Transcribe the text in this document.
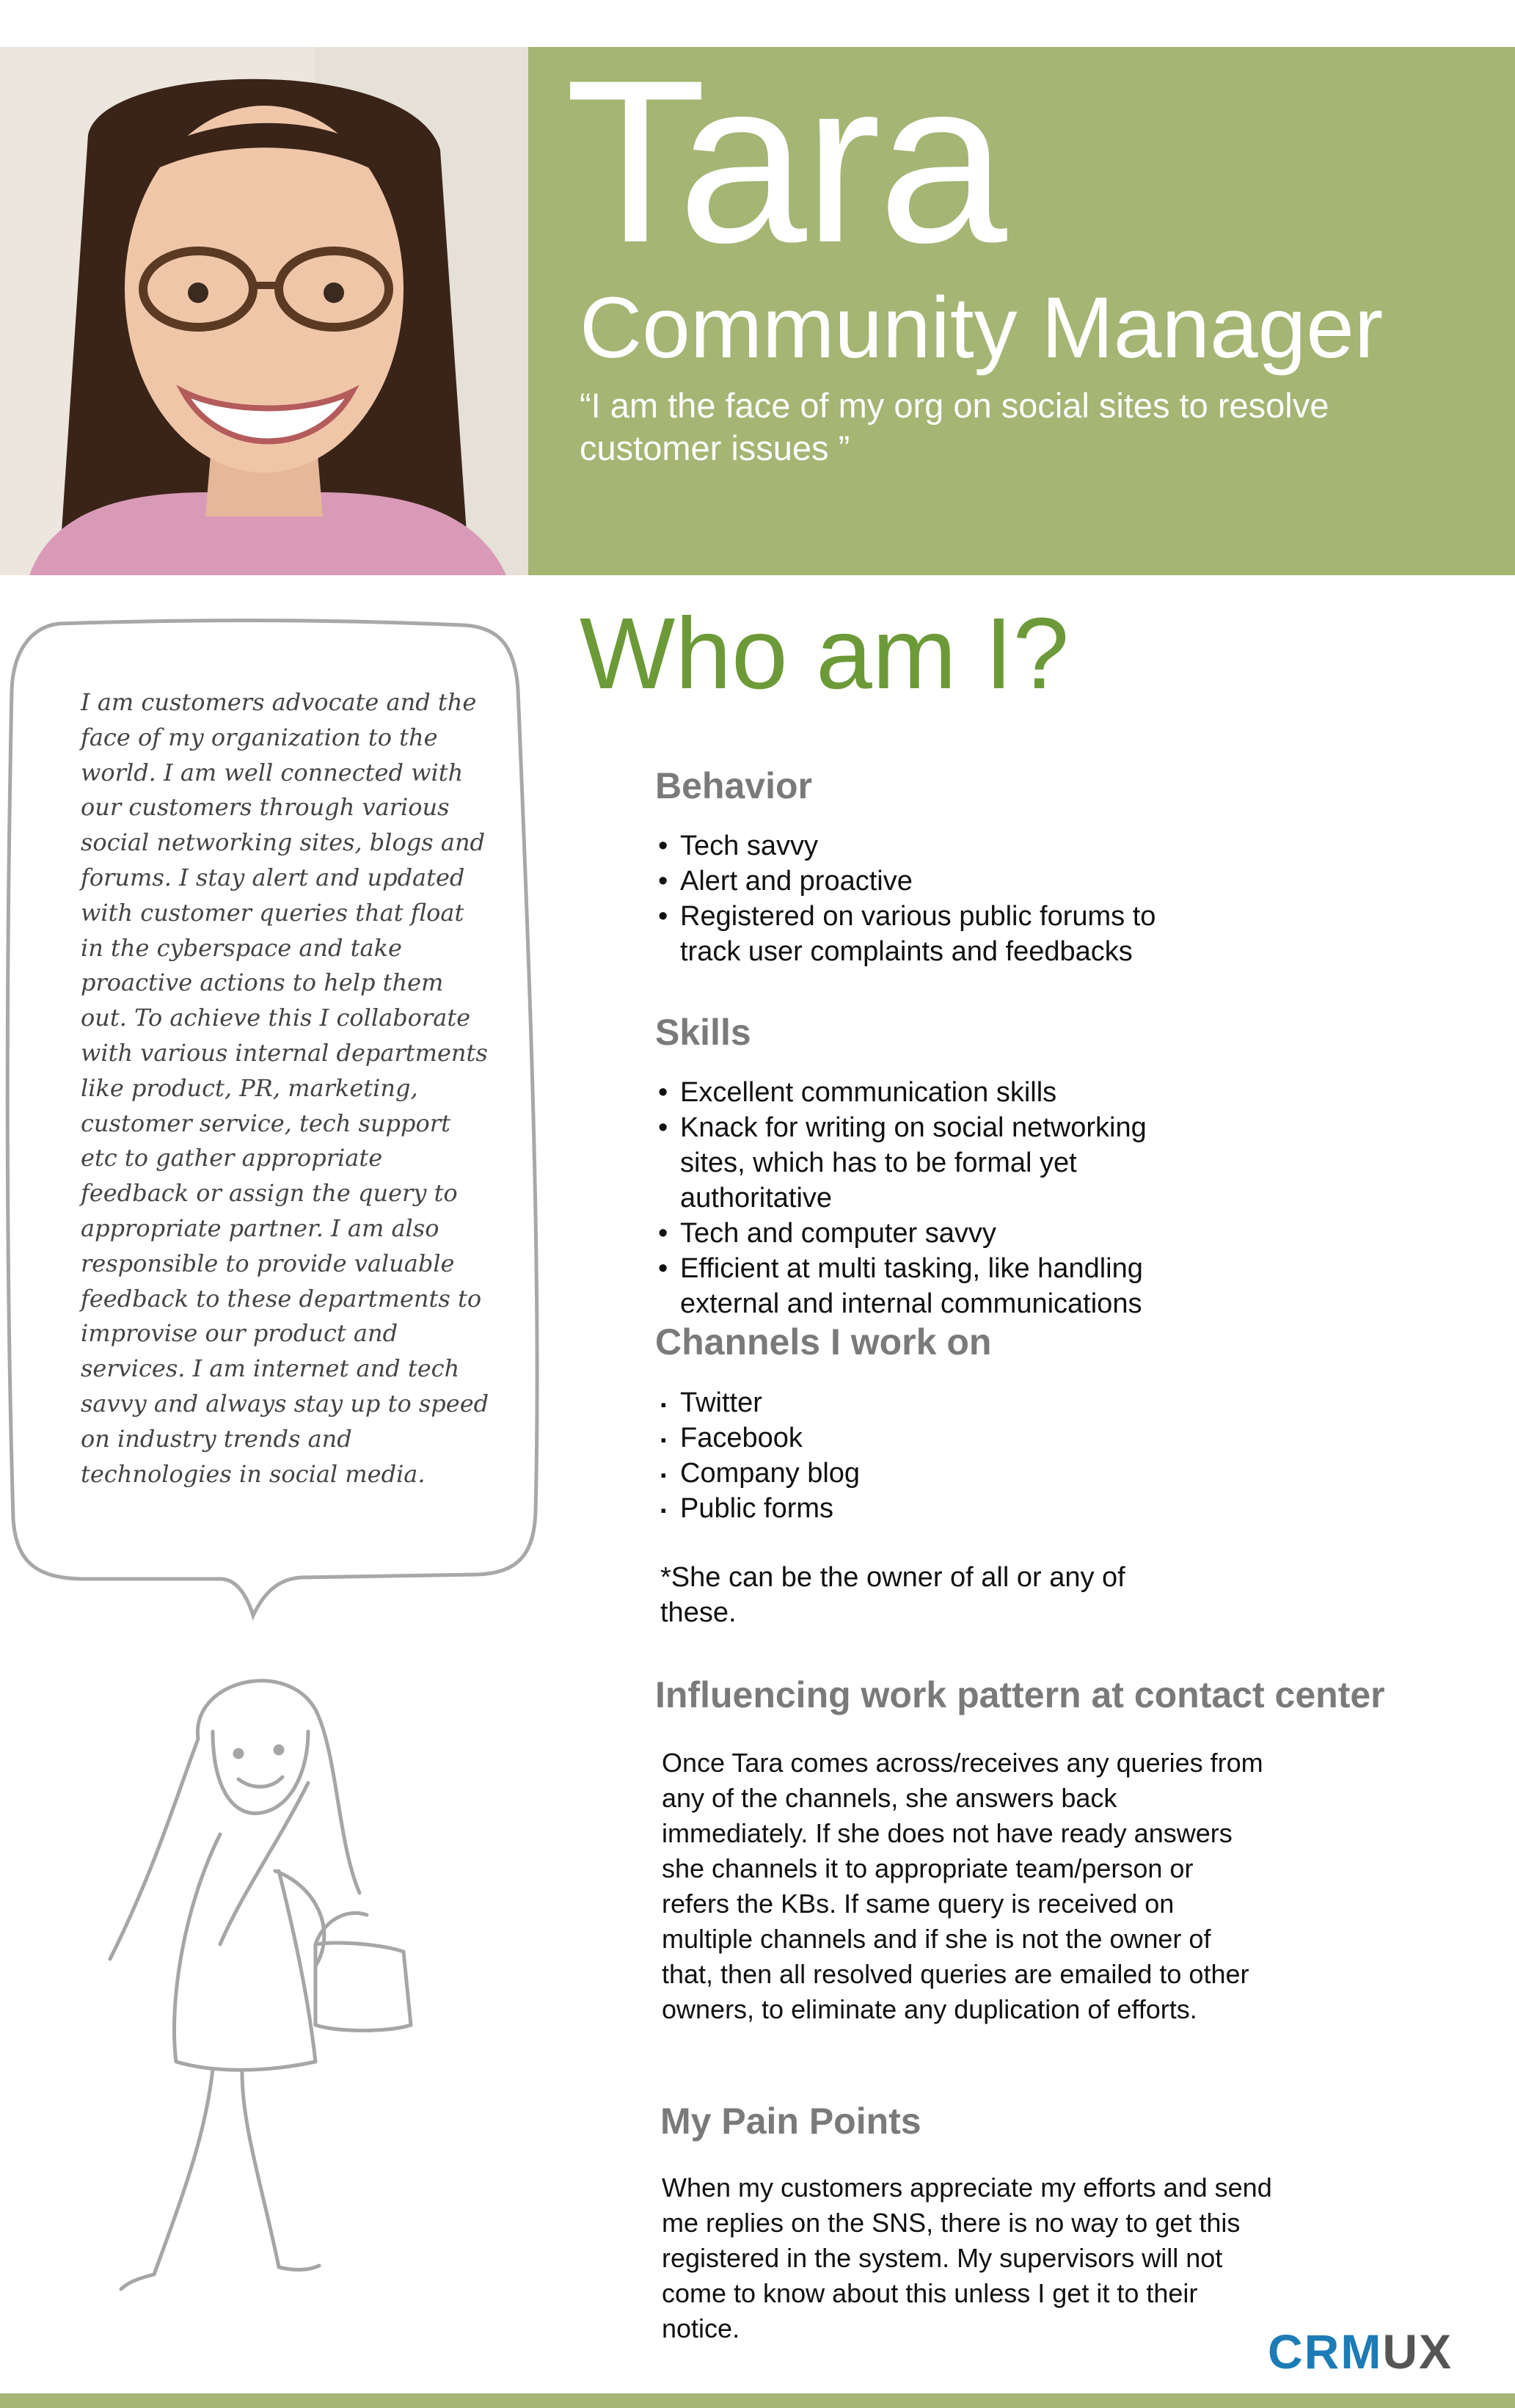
Tara
Community Manager
“I am the face of my org on social sites to resolve customer issues ”
I am customers advocate and the face of my organization to the world. I am well connected with our customers through various social networking sites, blogs and forums. I stay alert and updated with customer queries that float in the cyberspace and take proactive actions to help them out. To achieve this I collaborate with various internal departments like product, PR, marketing, customer service, tech support etc to gather appropriate feedback or assign the query to appropriate partner. I am also responsible to provide valuable feedback to these departments to improvise our product and services. I am internet and tech savvy and always stay up to speed on industry trends and technologies in social media.
Who am I?
Behavior
• Tech savvy
• Alert and proactive
• Registered on various public forums to track user complaints and feedbacks
Skills
• Excellent communication skills
• Knack for writing on social networking sites, which has to be formal yet authoritative
• Tech and computer savvy
• Efficient at multi tasking, like handling external and internal communications
Channels I work on
. Twitter
. Facebook
. Company blog
. Public forms
*She can be the owner of all or any of these.
Influencing work pattern at contact center
Once Tara comes across/receives any queries from any of the channels, she answers back immediately. If she does not have ready answers she channels it to appropriate team/person or refers the KBs. If same query is received on multiple channels and if she is not the owner of that, then all resolved queries are emailed to other owners, to eliminate any duplication of efforts.
My Pain Points
When my customers appreciate my efforts and send me replies on the SNS, there is no way to get this registered in the system. My supervisors will not come to know about this unless I get it to their notice.	CRMUX
